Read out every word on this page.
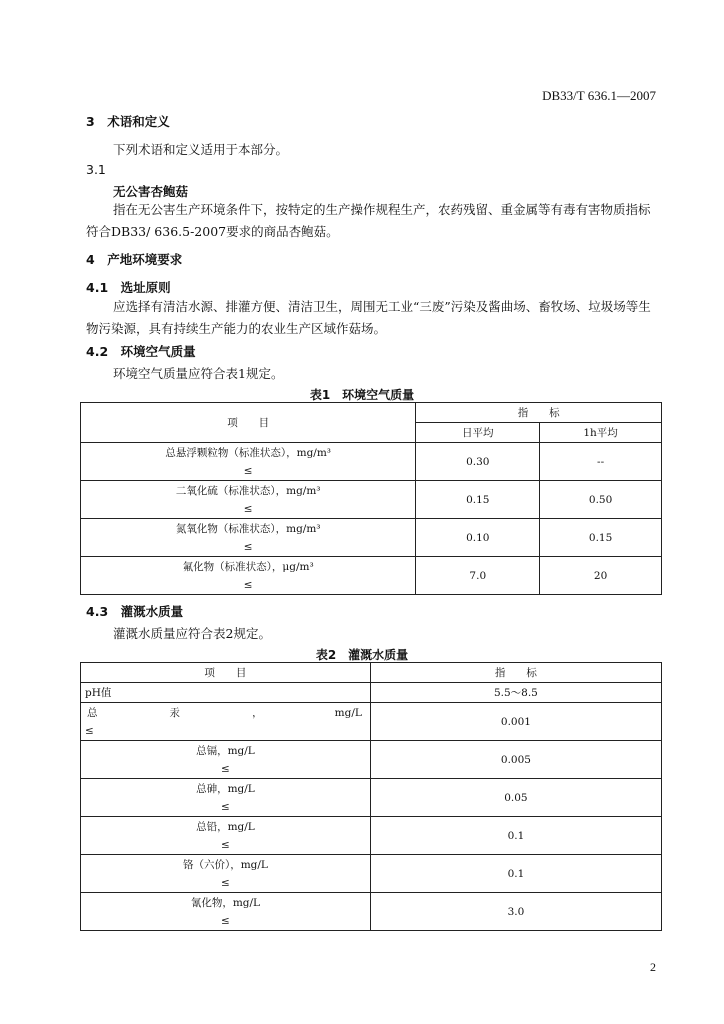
DB33/T 636.1—2007
3　术语和定义
下列术语和定义适用于本部分。
3.1
无公害杏鲍菇
指在无公害生产环境条件下，按特定的生产操作规程生产，农药残留、重金属等有毒有害物质指标符合DB33/ 636.5-2007要求的商品杏鲍菇。
4　产地环境要求
4.1　选址原则
应选择有清洁水源、排灌方便、清洁卫生，周围无工业“三废”污染及酱曲场、畜牧场、垃圾场等生物污染源，具有持续生产能力的农业生产区域作菇场。
4.2　环境空气质量
环境空气质量应符合表1规定。
表1　环境空气质量
项　　目	指　　标	
	日平均	1h平均

总悬浮颗粒物（标准状态），mg/m³
≤	0.30	--

二氧化硫（标准状态），mg/m³
≤	0.15	0.50

氮氧化物（标准状态），mg/m³
≤	0.10	0.15

氟化物（标准状态），μg/m³
≤	7.0	20
4.3　灌溉水质量
灌溉水质量应符合表2规定。
表2　灌溉水质量
项　　目	指　　标
pH值	5.5～8.5

总 汞 ， mg/L
≤	0.001

总镉，mg/L
≤	0.005

总砷，mg/L
≤	0.05

总铅，mg/L
≤	0.1

铬（六价），mg/L
≤	0.1

氰化物，mg/L
≤	3.0
2
